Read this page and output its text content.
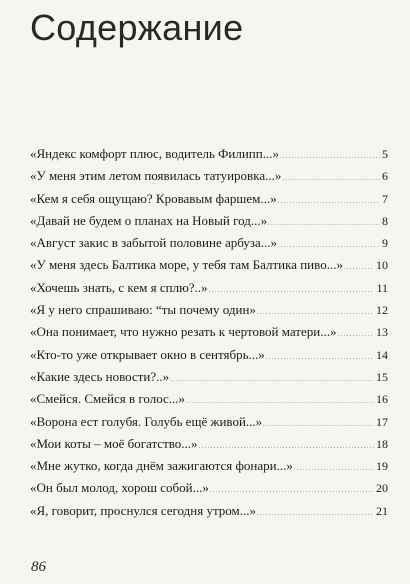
Содержание
«Яндекс комфорт плюс, водитель Филипп...» . . .	5
«У меня этим летом появилась татуировка...» . . .	6
«Кем я себя ощущаю? Кровавым фаршем...» . . .	7
«Давай не будем о планах на Новый год...» . . .	8
«Август закис в забытой половине арбуза...» . . .	9
«У меня здесь Балтика море, у тебя там Балтика пиво...» . . .	10
«Хочешь знать, с кем я сплю?..» . . .	11
«Я у него спрашиваю: “ты почему один» . . .	12
«Она понимает, что нужно резать к чертовой матери...» . . .	13
«Кто-то уже открывает окно в сентябрь...» . . .	14
«Какие здесь новости?..» . . .	15
«Смейся. Смейся в голос...» . . .	16
«Ворона ест голубя. Голубь ещё живой...» . . .	17
«Мои коты – моё богатство...» . . .	18
«Мне жутко, когда днём зажигаются фонари...» . . .	19
«Он был молод, хорош собой...» . . .	20
«Я, говорит, проснулся сегодня утром...» . . .	21
86
